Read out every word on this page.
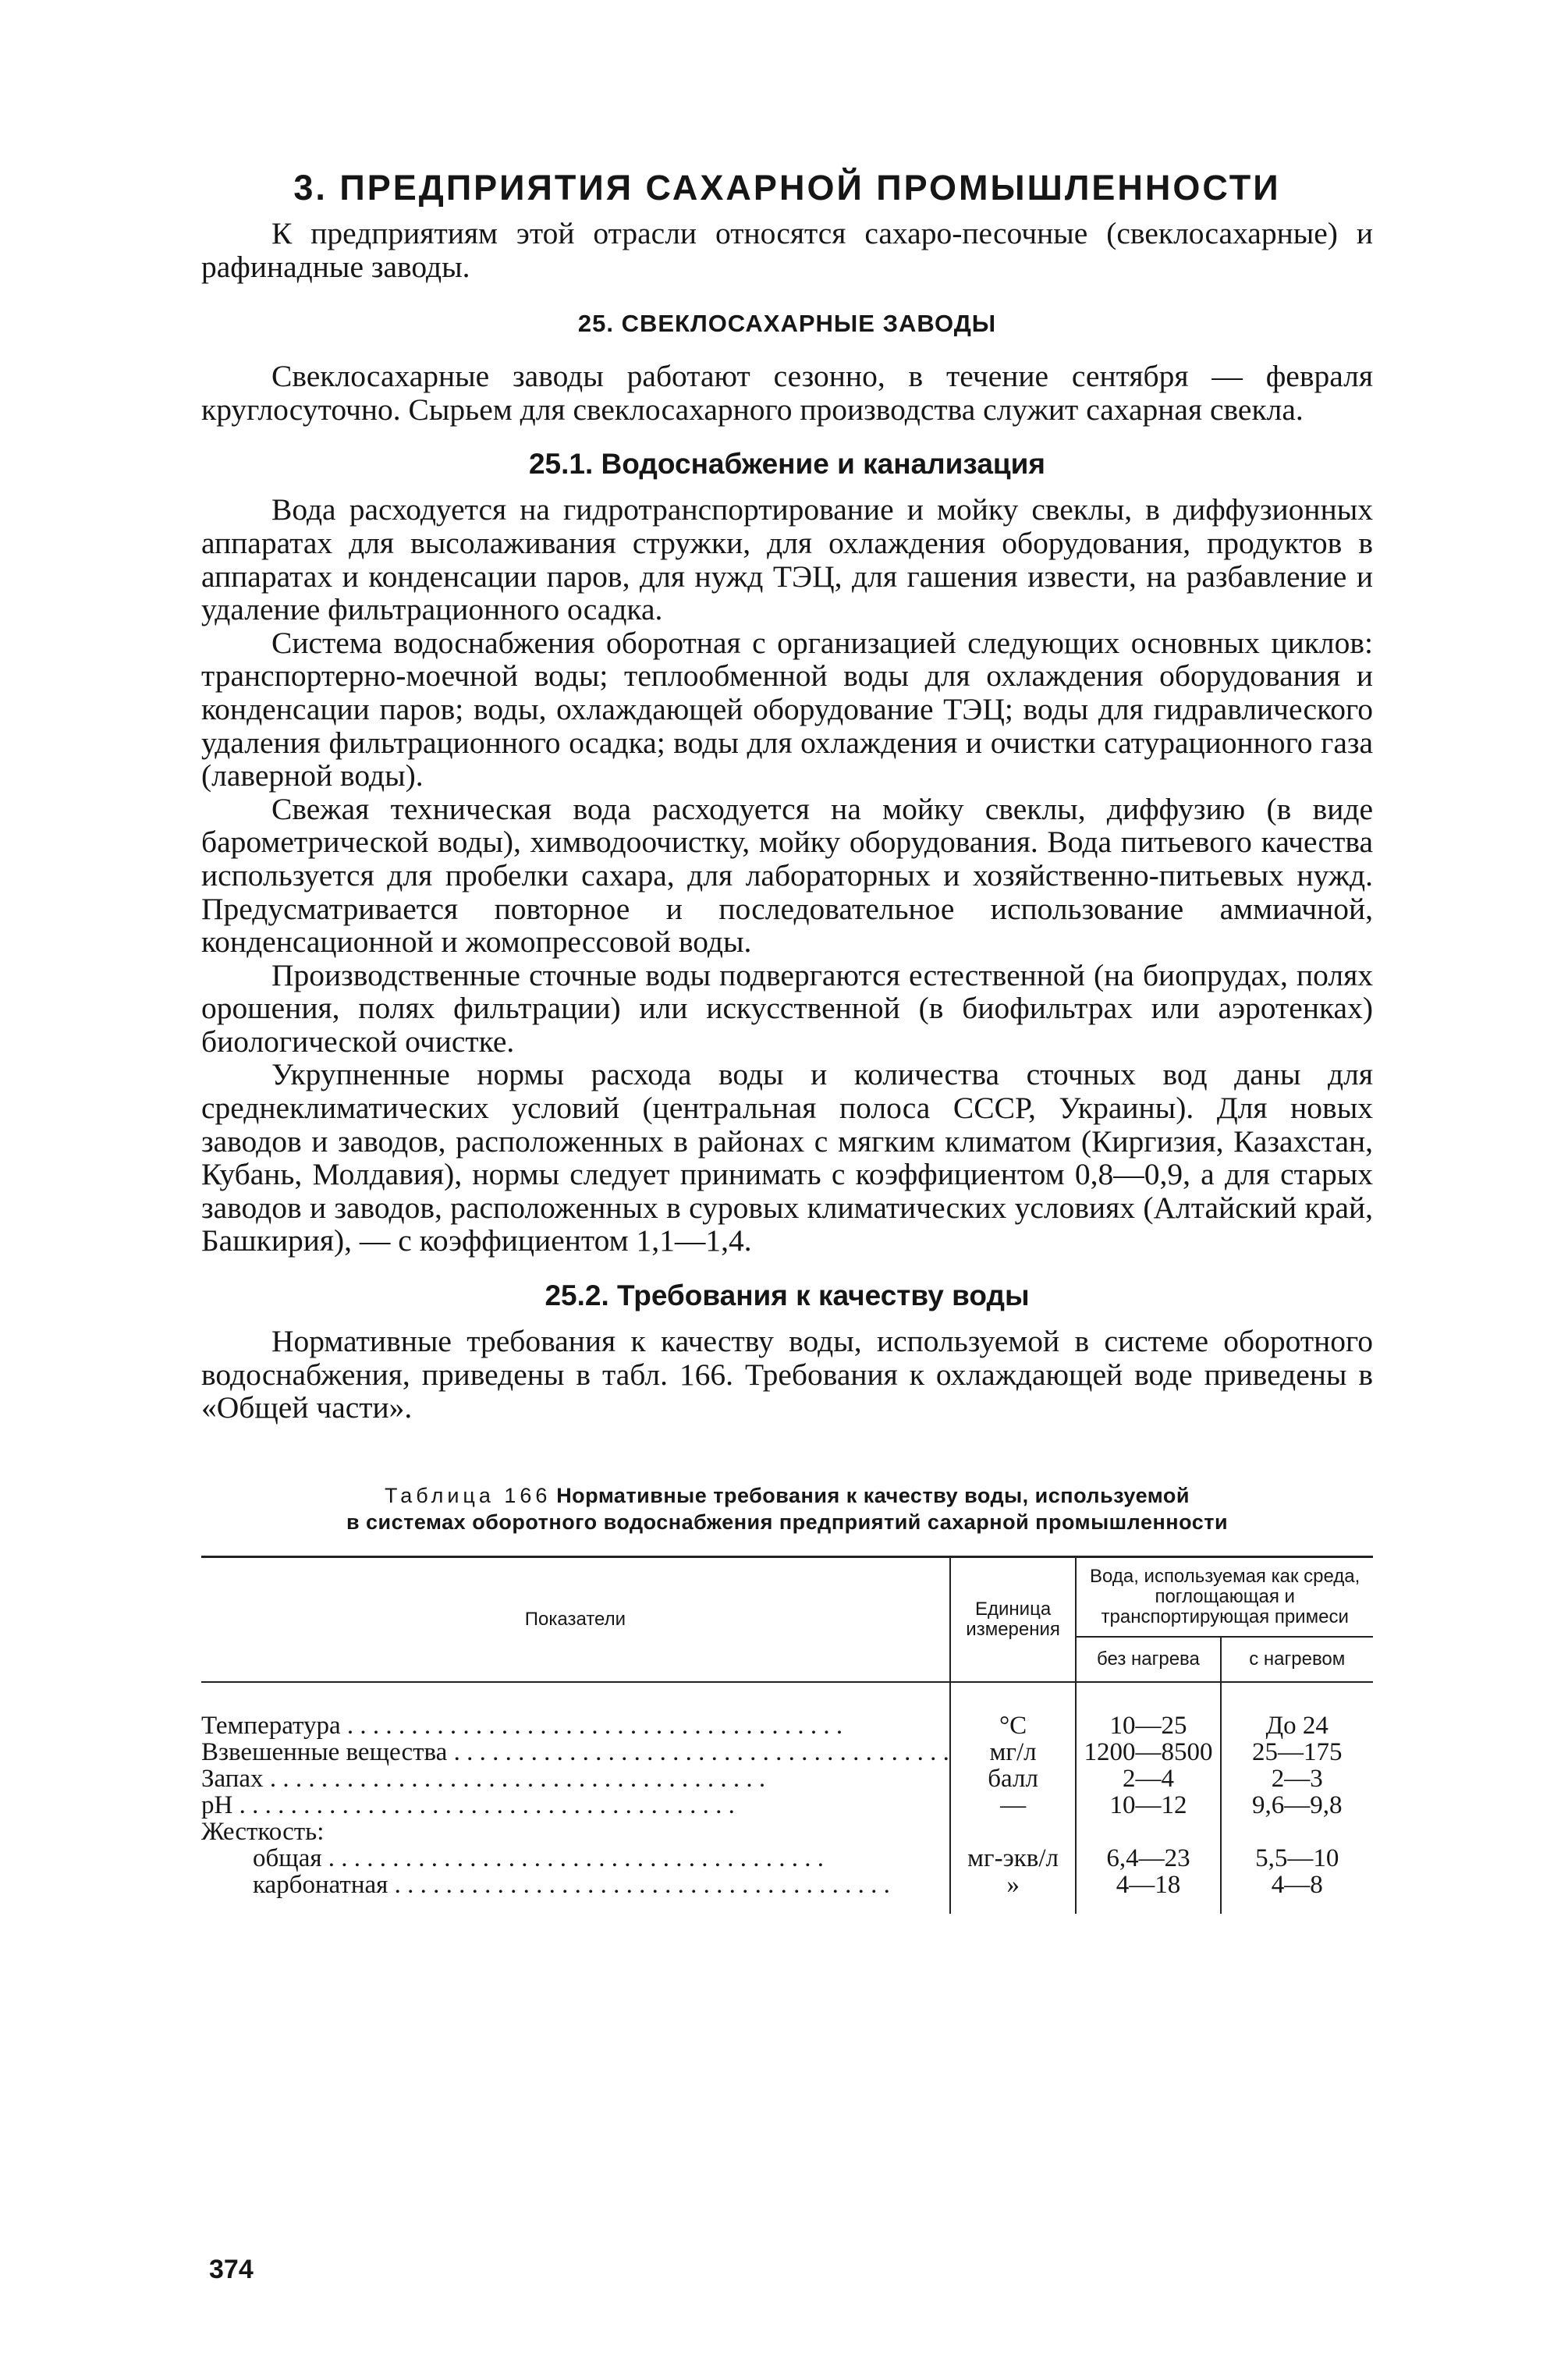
3. ПРЕДПРИЯТИЯ САХАРНОЙ ПРОМЫШЛЕННОСТИ

К предприятиям этой отрасли относятся сахаро-песочные (свеклосахарные) и рафинадные заводы.

25. СВЕКЛОСАХАРНЫЕ ЗАВОДЫ

Свеклосахарные заводы работают сезонно, в течение сентября — февраля круглосуточно. Сырьем для свеклосахарного производства служит сахарная свекла.

25.1. Водоснабжение и канализация

Вода расходуется на гидротранспортирование и мойку свеклы, в диффузионных аппаратах для высолаживания стружки, для охлаждения оборудования, продуктов в аппаратах и конденсации паров, для нужд ТЭЦ, для гашения извести, на разбавление и удаление фильтрационного осадка.

Система водоснабжения оборотная с организацией следующих основных циклов: транспортерно-моечной воды; теплообменной воды для охлаждения оборудования и конденсации паров; воды, охлаждающей оборудование ТЭЦ; воды для гидравлического удаления фильтрационного осадка; воды для охлаждения и очистки сатурационного газа (лаверной воды).

Свежая техническая вода расходуется на мойку свеклы, диффузию (в виде барометрической воды), химводоочистку, мойку оборудования. Вода питьевого качества используется для пробелки сахара, для лабораторных и хозяйственно-питьевых нужд. Предусматривается повторное и последовательное использование аммиачной, конденсационной и жомопрессовой воды.

Производственные сточные воды подвергаются естественной (на биопрудах, полях орошения, полях фильтрации) или искусственной (в биофильтрах или аэротенках) биологической очистке.

Укрупненные нормы расхода воды и количества сточных вод даны для среднеклиматических условий (центральная полоса СССР, Украины). Для новых заводов и заводов, расположенных в районах с мягким климатом (Киргизия, Казахстан, Кубань, Молдавия), нормы следует принимать с коэффициентом 0,8—0,9, а для старых заводов и заводов, расположенных в суровых климатических условиях (Алтайский край, Башкирия), — с коэффициентом 1,1—1,4.

25.2. Требования к качеству воды

Нормативные требования к качеству воды, используемой в системе оборотного водоснабжения, приведены в табл. 166. Требования к охлаждающей воде приведены в «Общей части».

Таблица 166 Нормативные требования к качеству воды, используемой
в системах оборотного водоснабжения предприятий сахарной промышленности
Показатели	Единица измерения	Вода, используемая как среда, поглощающая и транспортирующая примеси	
		без нагрева	с нагревом

Температура . . .	°С	10—25	До 24

Взвешенные вещества . . .	мг/л	1200—8500	25—175

Запах . . .	балл	2—4	2—3

pH . . .	—	10—12	9,6—9,8
Жесткость:			

общая . . .	мг-экв/л	6,4—23	5,5—10

карбонатная . . .	»	4—18	4—8
374
